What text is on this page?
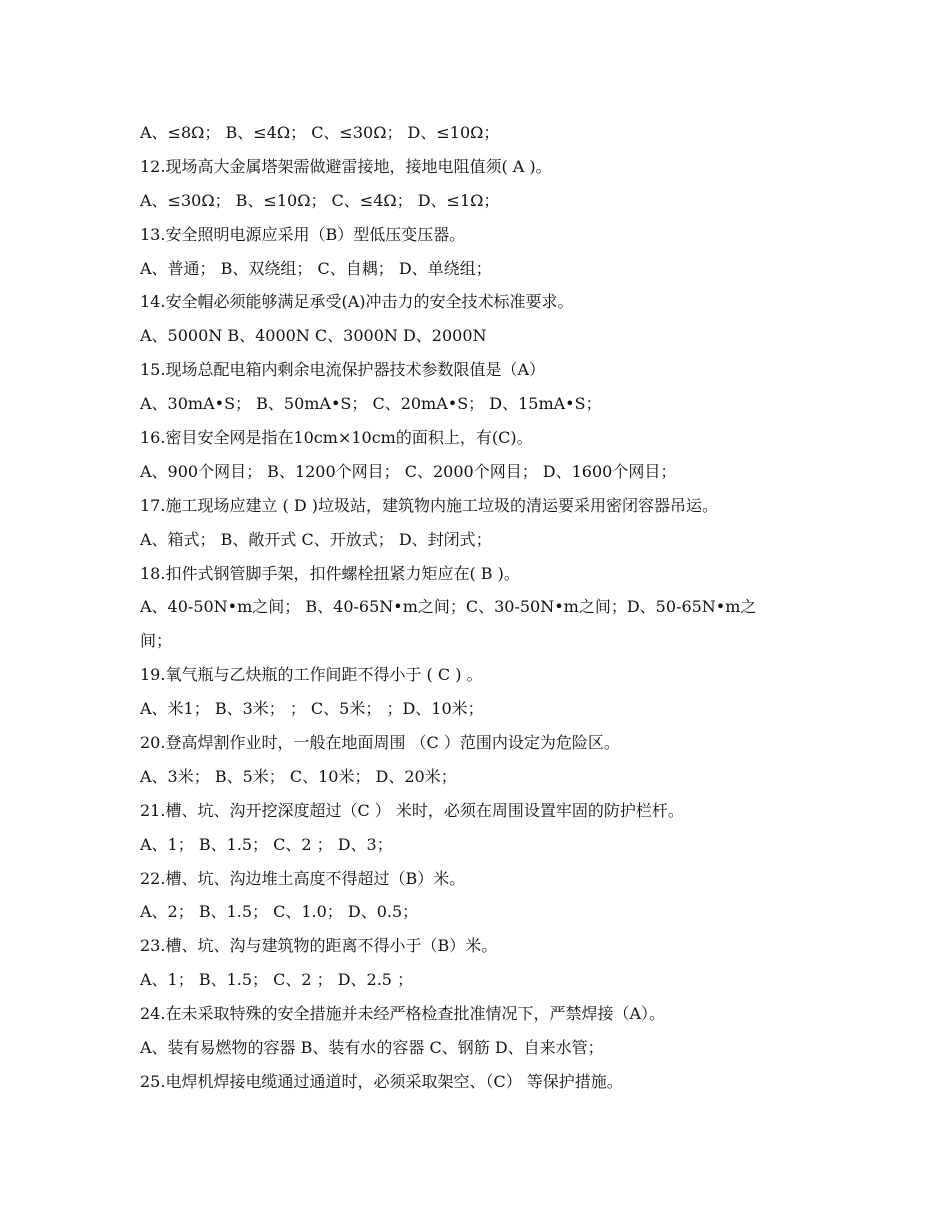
A、≤8Ω； B、≤4Ω； C、≤30Ω； D、≤10Ω；
12.现场高大金属塔架需做避雷接地，接地电阻值须( A )。
A、≤30Ω； B、≤10Ω； C、≤4Ω； D、≤1Ω；
13.安全照明电源应采用（B）型低压变压器。
A、普通； B、双绕组； C、自耦； D、单绕组；
14.安全帽必须能够满足承受(A)冲击力的安全技术标准要求。
A、5000N B、4000N C、3000N D、2000N
15.现场总配电箱内剩余电流保护器技术参数限值是（A）
A、30mA•S； B、50mA•S； C、20mA•S； D、15mA•S；
16.密目安全网是指在10cm×10cm的面积上，有(C)。
A、900个网目； B、1200个网目； C、2000个网目； D、1600个网目；
17.施工现场应建立 ( D )垃圾站，建筑物内施工垃圾的清运要采用密闭容器吊运。
A、箱式； B、敞开式 C、开放式； D、封闭式；
18.扣件式钢管脚手架，扣件螺栓扭紧力矩应在( B )。
A、40-50N•m之间； B、40-65N•m之间；C、30-50N•m之间；D、50-65N•m之
间；
19.氧气瓶与乙炔瓶的工作间距不得小于 ( C ) 。
A、米1； B、3米； ； C、5米； ；D、10米；
20.登高焊割作业时，一般在地面周围 （C ）范围内设定为危险区。
A、3米； B、5米； C、10米； D、20米；
21.槽、坑、沟开挖深度超过（C ） 米时，必须在周围设置牢固的防护栏杆。
A、1； B、1.5； C、2 ； D、3；
22.槽、坑、沟边堆土高度不得超过（B）米。
A、2； B、1.5； C、1.0； D、0.5；
23.槽、坑、沟与建筑物的距离不得小于（B）米。
A、1； B、1.5； C、2 ； D、2.5 ；
24.在未采取特殊的安全措施并未经严格检查批准情况下，严禁焊接（A）。
A、装有易燃物的容器 B、装有水的容器 C、钢筋 D、自来水管；
25.电焊机焊接电缆通过通道时，必须采取架空、（C） 等保护措施。
